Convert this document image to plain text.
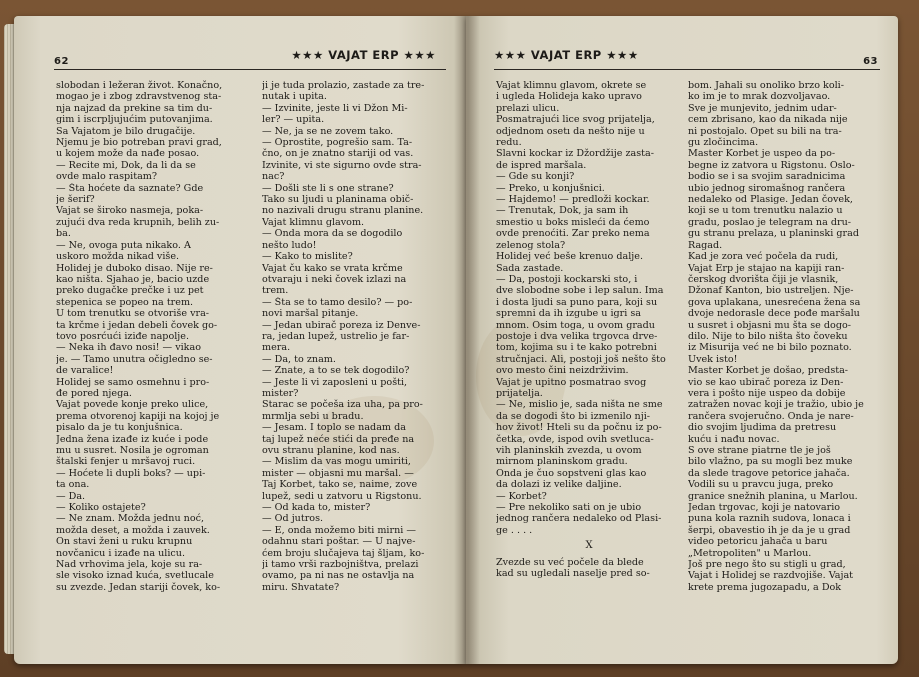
62	★★★ VAJAT ERP ★★★

slobodan i ležeran život. Konačno,

mogao je i zbog zdravstvenog sta-

nja najzad da prekine sa tim du-

gim i iscrpljujućim putovanjima.

Sa Vajatom je bilo drugačije.

Njemu je bio potreban pravi grad,

u kojem može da nađe posao.

— Recite mi, Dok, da li da se

ovde malo raspitam?

— Šta hoćete da saznate? Gde

je šerif?

Vajat se široko nasmeja, poka-

zujući dva reda krupnih, belih zu-

ba.

— Ne, ovoga puta nikako. A

uskoro možda nikad više.

Holidej je duboko disao. Nije re-

kao ništa. Sjahao je, bacio uzde

preko dugačke prečke i uz pet

stepenica se popeo na trem.

U tom trenutku se otvoriše vra-

ta krčme i jedan debeli čovek go-

tovo posrćući iziđe napolje.

— Neka ih đavo nosi! — vikao

je. — Tamo unutra očigledno se-

de varalice!

Holidej se samo osmehnu i pro-

đe pored njega.

Vajat povede konje preko ulice,

prema otvorenoj kapiji na kojoj je

pisalo da je tu konjušnica.

Jedna žena izađe iz kuće i pode

mu u susret. Nosila je ogroman

štalski fenjer u mršavoj ruci.

— Hoćete li dupli boks? — upi-

ta ona.

— Da.

— Koliko ostajete?

— Ne znam. Možda jednu noć,

možda deset, a možda i zauvek.

On stavi ženi u ruku krupnu

novčanicu i izađe na ulicu.

Nad vrhovima jela, koje su ra-

sle visoko iznad kuća, svetlucale

su zvezde. Jedan stariji čovek, ko-

ji je tuda prolazio, zastade za tre-

nutak i upita.

— Izvinite, jeste li vi Džon Mi-

ler? — upita.

— Ne, ja se ne zovem tako.

— Oprostite, pogrešio sam. Ta-

čno, on je znatno stariji od vas.

Izvinite, vi ste sigurno ovde stra-

nac?

— Došli ste li s one strane?

Tako su ljudi u planinama obič-

no nazivali drugu stranu planine.

Vajat klimnu glavom.

— Onda mora da se dogodilo

nešto ludo!

— Kako to mislite?

Vajat ču kako se vrata krčme

otvaraju i neki čovek izlazi na

trem.

— Šta se to tamo desilo? — po-

novi maršal pitanje.

— Jedan ubirač poreza iz Denve-

ra, jedan lupež, ustrelio je far-

mera.

— Da, to znam.

— Znate, a to se tek dogodilo?

— Jeste li vi zaposleni u pošti,

mister?

Starac se počeša iza uha, pa pro-

mrmlja sebi u bradu.

— Jesam. I toplo se nadam da

taj lupež neće stići da pređe na

ovu stranu planine, kod nas.

— Mislim da vas mogu umiriti,

mister — objasni mu maršal. —

Taj Korbet, tako se, naime, zove

lupež, sedi u zatvoru u Rigstonu.

— Od kada to, mister?

— Od jutros.

— E, onda možemo biti mirni —

odahnu stari poštar. — U najve-

ćem broju slučajeva taj šljam, ko-

ji tamo vrši razbojništva, prelazi

ovamo, pa ni nas ne ostavlja na

miru. Shvatate?

★★★ VAJAT ERP ★★★	63

Vajat klimnu glavom, okrete se

i ugleda Holideja kako upravo

prelazi ulicu.

Posmatrajući lice svog prijatelja,

odjednom osetı da nešto nije u

redu.

Slavni kockar iz Džordžije zasta-

de ispred maršala.

— Gde su konji?

— Preko, u konjušnici.

— Hajdemo! — predloži kockar.

— Trenutak, Dok, ja sam ih

smestio u boks misleći da ćemo

ovde prenoćiti. Zar preko nema

zelenog stola?

Holidej već beše krenuo dalje.

Sada zastade.

— Da, postoji kockarski sto, i

dve slobodne sobe i lep salun. Ima

i dosta ljudi sa puno para, koji su

spremni da ih izgube u igri sa

mnom. Osim toga, u ovom gradu

postoje i dva velika trgovca drve-

tom, kojima su i te kako potrebni

stručnjaci. Ali, postoji još nešto što

ovo mesto čini neizdrživim.

Vajat je upitno posmatrao svog

prijatelja.

— Ne, mislio je, sada ništa ne sme

da se dogodi što bi izmenilo nji-

hov život! Hteli su da počnu iz po-

četka, ovde, ispod ovih svetluca-

vih planinskih zvezda, u ovom

mirnom planinskom gradu.

Onda je čuo sopstveni glas kao

da dolazi iz velike daljine.

— Korbet?

— Pre nekoliko sati on je ubio

jednog rančera nedaleko od Plasi-

ge . . . .

X

Zvezde su već počele da blede

kad su ugledali naselje pred so-

bom. Jahali su onoliko brzo koli-

ko im je to mrak dozvoljavao.

Sve je munjevito, jednim udar-

cem zbrisano, kao da nikada nije

ni postojalo. Opet su bili na tra-

gu zločincima.

Master Korbet je uspeo da po-

begne iz zatvora u Rigstonu. Oslo-

bodio se i sa svojim saradnicima

ubio jednog siromašnog rančera

nedaleko od Plasige. Jedan čovek,

koji se u tom trenutku nalazio u

gradu, poslao je telegram na dru-

gu stranu prelaza, u planinski grad

Ragad.

Kad je zora već počela da rudi,

Vajat Erp je stajao na kapiji ran-

čerskog dvorišta čiji je vlasnik,

Džonaf Kanton, bio ustreljen. Nje-

gova uplakana, unesrećena žena sa

dvoje nedorasle dece pođe maršalu

u susret i objasni mu šta se dogo-

dilo. Nije to bilo ništa što čoveku

iz Misurija već ne bi bilo poznato.

Uvek isto!

Master Korbet je došao, predsta-

vio se kao ubirač poreza iz Den-

vera i pošto nije uspeo da dobije

zatražen novac koji je tražio, ubio je

rančera svojeručno. Onda je nare-

dio svojim ljudima da pretresu

kuću i nađu novac.

S ove strane piatrne tle je još

bilo vlažno, pa su mogli bez muke

da slede tragove petorice jahača.

Vodili su u pravcu juga, preko

granice snežnih planina, u Marlou.

Jedan trgovac, koji je natovario

puna kola raznih sudova, lonaca i

šerpi, obavestio ih je da je u grad

video petoricu jahača u baru

„Metropoliten" u Marlou.

Još pre nego što su stigli u grad,

Vajat i Holidej se razdvojiše. Vajat

krete prema jugozapadu, a Dok
